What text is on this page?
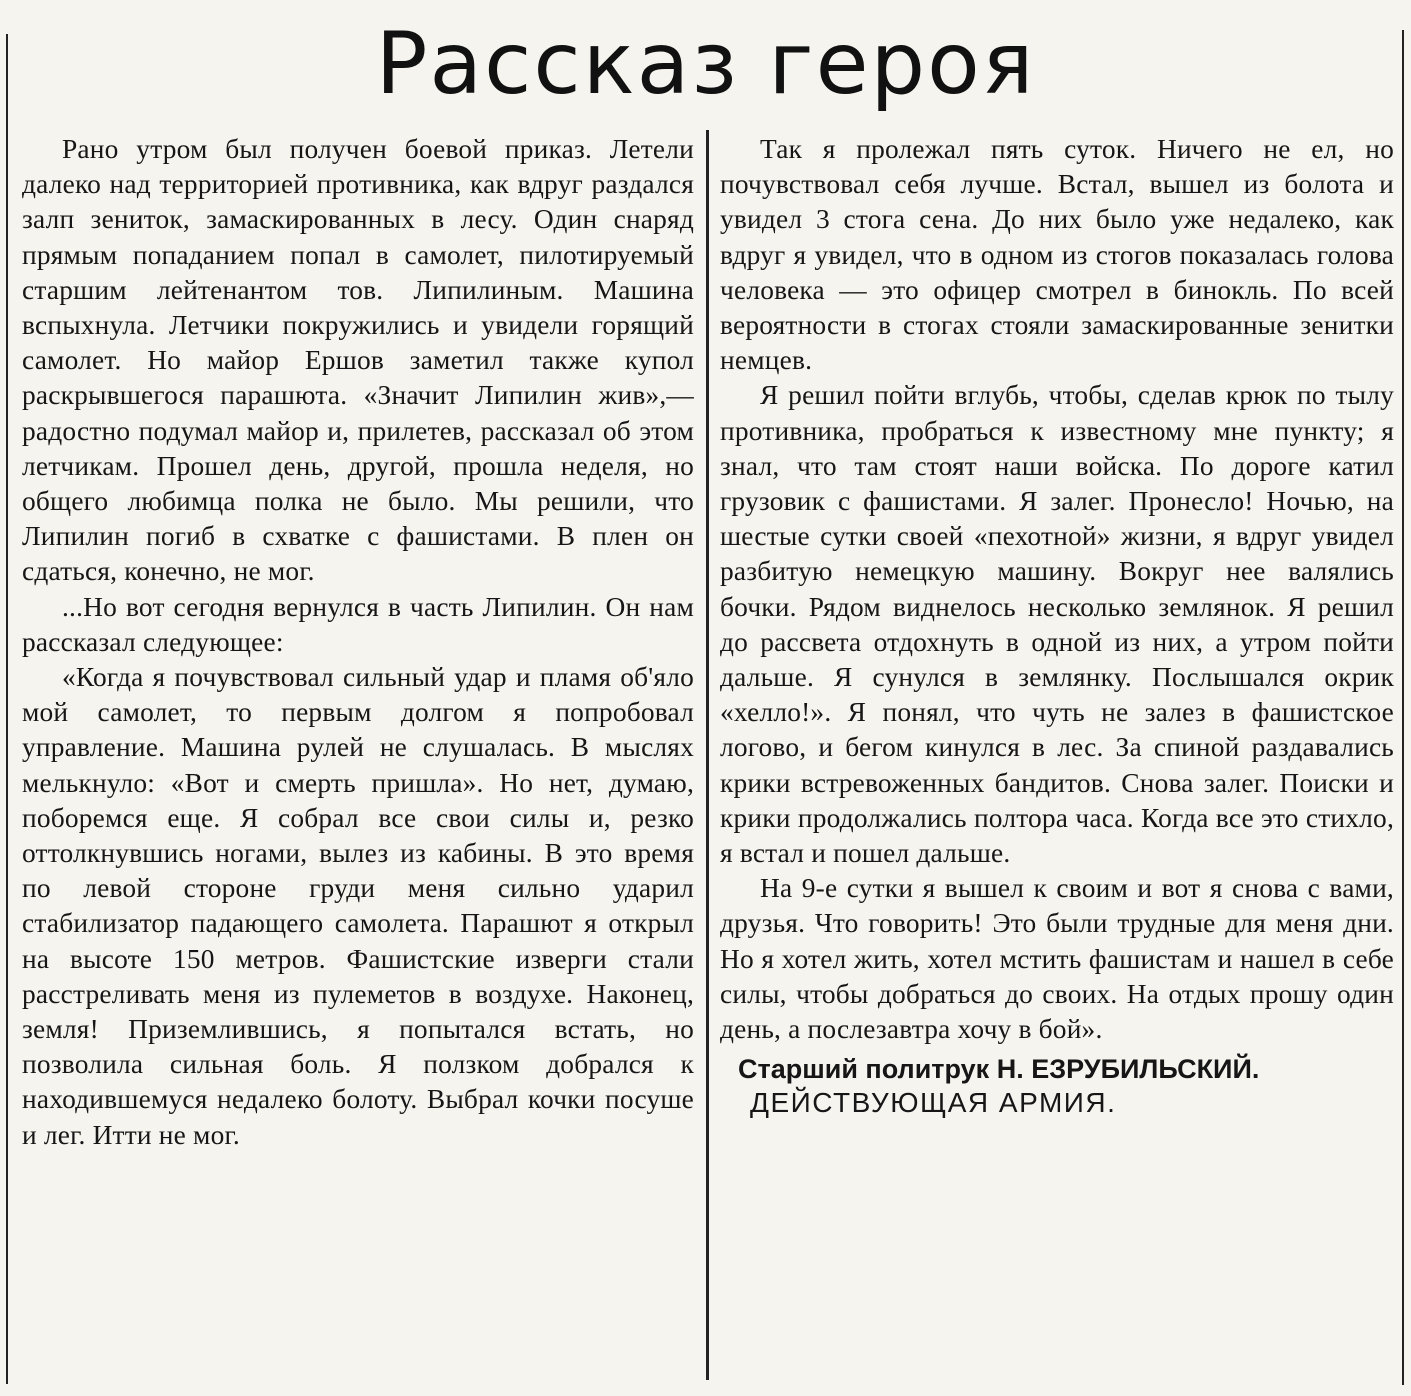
Рассказ героя

Рано утром был получен боевой приказ. Летели далеко над территорией противника, как вдруг раздался залп зениток, замаскированных в лесу. Один снаряд прямым попаданием попал в самолет, пилотируемый старшим лейтенантом тов. Липилиным. Машина вспыхнула. Летчики покружились и увидели горящий самолет. Но майор Ершов заметил также купол раскрывшегося парашюта. «Значит Липилин жив»,—радостно подумал майор и, прилетев, рассказал об этом летчикам. Прошел день, другой, прошла неделя, но общего любимца полка не было. Мы решили, что Липилин погиб в схватке с фашистами. В плен он сдаться, конечно, не мог.

...Но вот сегодня вернулся в часть Липилин. Он нам рассказал следующее:

«Когда я почувствовал сильный удар и пламя об'яло мой самолет, то первым долгом я попробовал управление. Машина рулей не слушалась. В мыслях мелькнуло: «Вот и смерть пришла». Но нет, думаю, поборемся еще. Я собрал все свои силы и, резко оттолкнувшись ногами, вылез из кабины. В это время по левой стороне груди меня сильно ударил стабилизатор падающего самолета. Парашют я открыл на высоте 150 метров. Фашистские изверги стали расстреливать меня из пулеметов в воздухе. Наконец, земля! Приземлившись, я попытался встать, но позволила сильная боль. Я ползком добрался к находившемуся недалеко болоту. Выбрал кочки посуше и лег. Итти не мог.

Так я пролежал пять суток. Ничего не ел, но почувствовал себя лучше. Встал, вышел из болота и увидел 3 стога сена. До них было уже недалеко, как вдруг я увидел, что в одном из стогов показалась голова человека — это офицер смотрел в бинокль. По всей вероятности в стогах стояли замаскированные зенитки немцев.

Я решил пойти вглубь, чтобы, сделав крюк по тылу противника, пробраться к известному мне пункту; я знал, что там стоят наши войска. По дороге катил грузовик с фашистами. Я залег. Пронесло! Ночью, на шестые сутки своей «пехотной» жизни, я вдруг увидел разбитую немецкую машину. Вокруг нее валялись бочки. Рядом виднелось несколько землянок. Я решил до рассвета отдохнуть в одной из них, а утром пойти дальше. Я сунулся в землянку. Послышался окрик «хелло!». Я понял, что чуть не залез в фашистское логово, и бегом кинулся в лес. За спиной раздавались крики встревоженных бандитов. Снова залег. Поиски и крики продолжались полтора часа. Когда все это стихло, я встал и пошел дальше.

На 9-е сутки я вышел к своим и вот я снова с вами, друзья. Что говорить! Это были трудные для меня дни. Но я хотел жить, хотел мстить фашистам и нашел в себе силы, чтобы добраться до своих. На отдых прошу один день, а послезавтра хочу в бой».

Старший политрук Н. ЕЗРУБИЛЬСКИЙ.
ДЕЙСТВУЮЩАЯ АРМИЯ.
